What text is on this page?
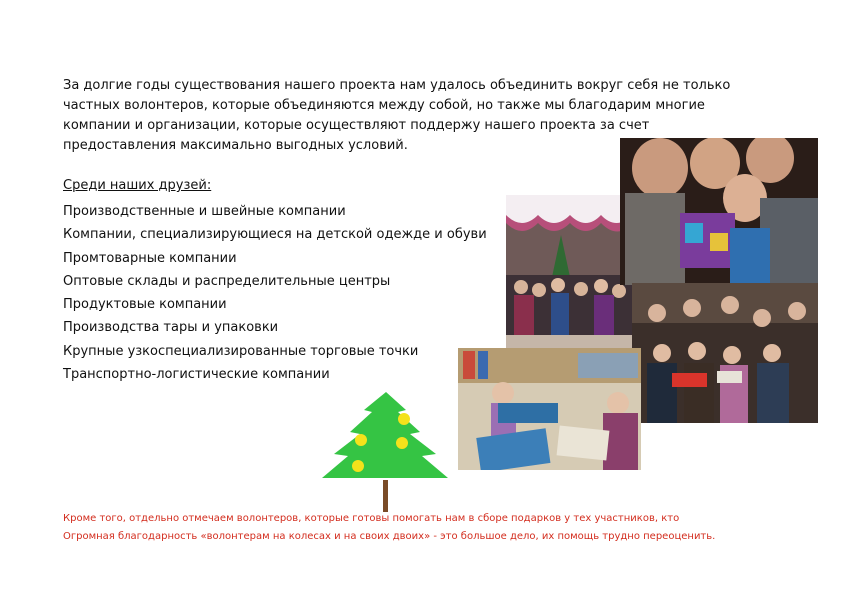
За долгие годы существования нашего проекта нам удалось объединить вокруг себя не только
частных волонтеров, которые объединяются между собой, но также мы благодарим многие
компании и организации, которые осуществляют поддержу нашего проекта за счет
предоставления максимально выгодных условий.
Среди наших друзей:
Производственные и швейные компании
Компании, специализирующиеся на детской одежде и обуви
Промтоварные компании
Оптовые склады и распределительные центры
Продуктовые компании
Производства тары и упаковки
Крупные узкоспециализированные торговые точки
Транспортно-логистические компании

Кроме того, отдельно отмечаем волонтеров, которые готовы помогать нам в сборе подарков у тех участников, кто

Огромная благодарность «волонтерам на колесах и на своих двоих» - это большое дело, их помощь трудно переоценить.
